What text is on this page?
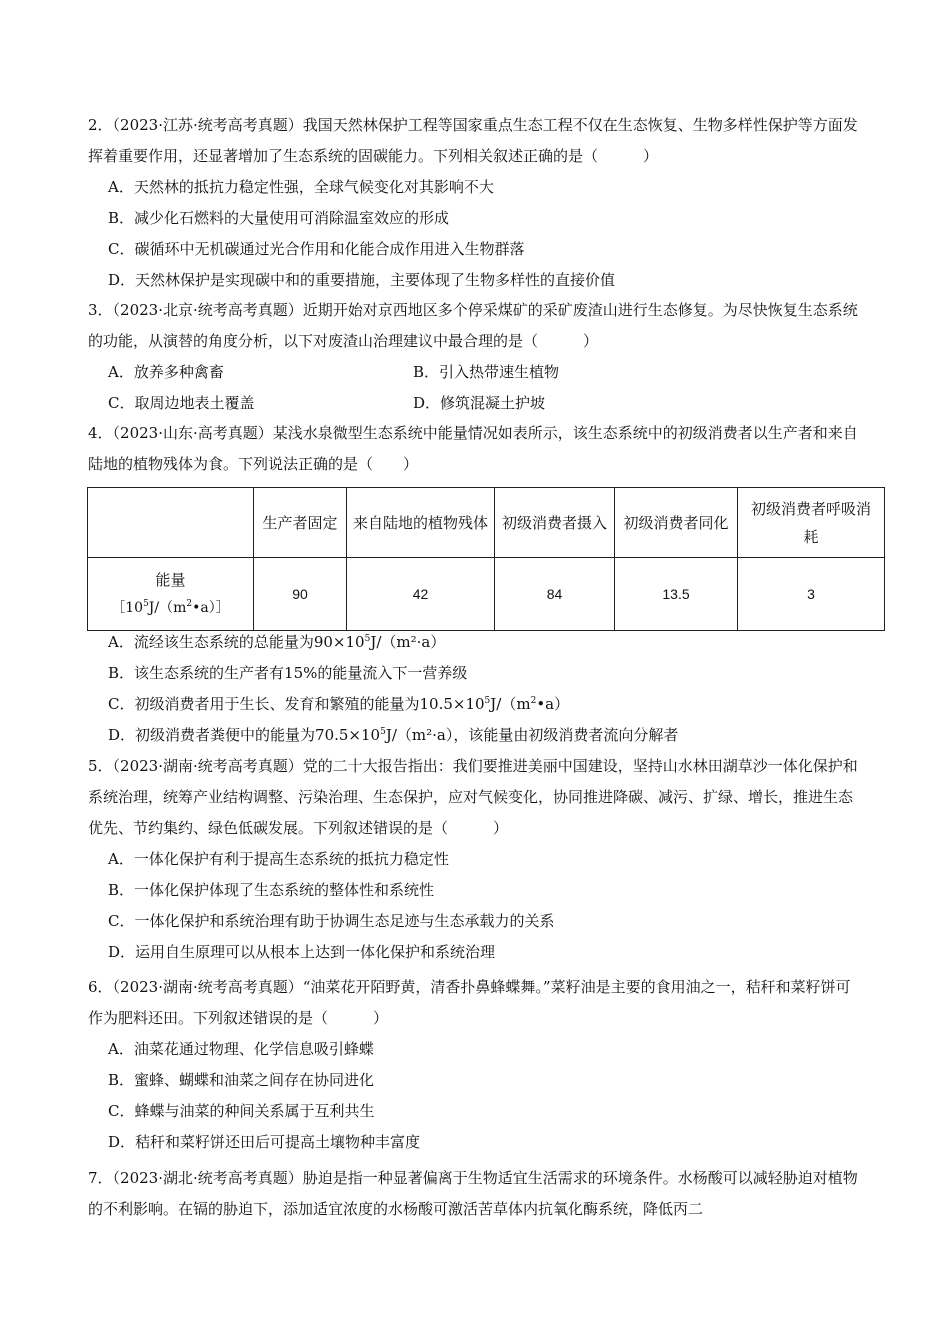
2．（2023·江苏·统考高考真题）我国天然林保护工程等国家重点生态工程不仅在生态恢复、生物多样性保护等方面发挥着重要作用，还显著增加了生态系统的固碳能力。下列相关叙述正确的是（　　　）

A．天然林的抵抗力稳定性强，全球气候变化对其影响不大

B．减少化石燃料的大量使用可消除温室效应的形成

C．碳循环中无机碳通过光合作用和化能合成作用进入生物群落

D．天然林保护是实现碳中和的重要措施，主要体现了生物多样性的直接价值

3．（2023·北京·统考高考真题）近期开始对京西地区多个停采煤矿的采矿废渣山进行生态修复。为尽快恢复生态系统的功能，从演替的角度分析，以下对废渣山治理建议中最合理的是（　　　）

A．放养多种禽畜	B．引入热带速生植物
C．取周边地表土覆盖	D．修筑混凝土护坡

4．（2023·山东·高考真题）某浅水泉微型生态系统中能量情况如表所示，该生态系统中的初级消费者以生产者和来自陆地的植物残体为食。下列说法正确的是（　　）

	生产者固定	来自陆地的植物残体	初级消费者摄入	初级消费者同化	初级消费者呼吸消耗

能量
$[10^5J/(m^2•a)]$	90	42	84	13.5	3

A．流经该生态系统的总能量为$90\times 10^5J/(m^2\cdot a)$

B．该生态系统的生产者有15%的能量流入下一营养级

C．初级消费者用于生长、发育和繁殖的能量为$10.5\times 10^5J/(m^2•a)$

D．初级消费者粪便中的能量为$70.5\times 10^5J/(m^2\cdot a)$，该能量由初级消费者流向分解者

5．（2023·湖南·统考高考真题）党的二十大报告指出：我们要推进美丽中国建设，坚持山水林田湖草沙一体化保护和系统治理，统筹产业结构调整、污染治理、生态保护，应对气候变化，协同推进降碳、减污、扩绿、增长，推进生态优先、节约集约、绿色低碳发展。下列叙述错误的是（　　　）

A．一体化保护有利于提高生态系统的抵抗力稳定性

B．一体化保护体现了生态系统的整体性和系统性

C．一体化保护和系统治理有助于协调生态足迹与生态承载力的关系

D．运用自生原理可以从根本上达到一体化保护和系统治理

6．（2023·湖南·统考高考真题）“油菜花开陌野黄，清香扑鼻蜂蝶舞。”菜籽油是主要的食用油之一，秸秆和菜籽饼可作为肥料还田。下列叙述错误的是（　　　）

A．油菜花通过物理、化学信息吸引蜂蝶

B．蜜蜂、蝴蝶和油菜之间存在协同进化

C．蜂蝶与油菜的种间关系属于互利共生

D．秸秆和菜籽饼还田后可提高土壤物种丰富度

7．（2023·湖北·统考高考真题）胁迫是指一种显著偏离于生物适宜生活需求的环境条件。水杨酸可以减轻胁迫对植物的不利影响。在镉的胁迫下，添加适宜浓度的水杨酸可激活苦草体内抗氧化酶系统，降低丙二
